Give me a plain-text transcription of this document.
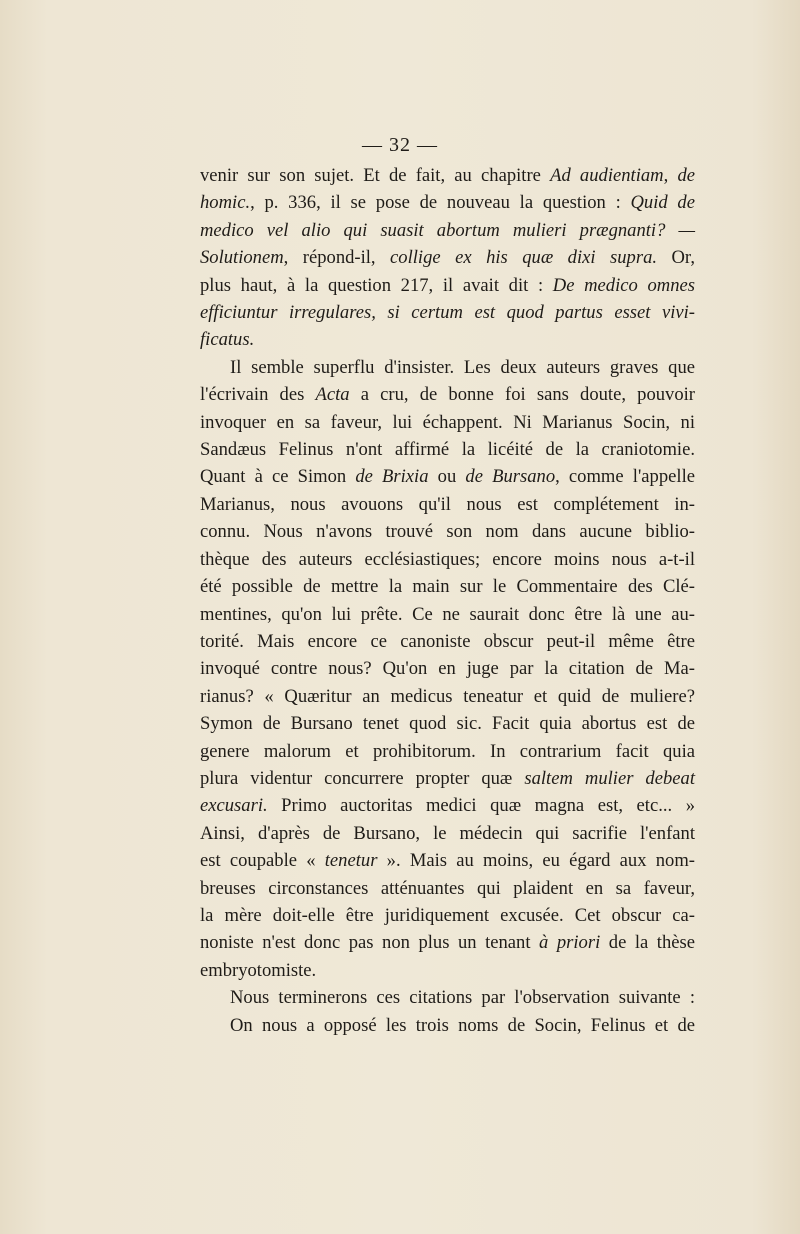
— 32 —
venir sur son sujet. Et de fait, au chapitre Ad audientiam, de
homic., p. 336, il se pose de nouveau la question : Quid de
medico vel alio qui suasit abortum mulieri prægnanti? —
Solutionem, répond-il, collige ex his quæ dixi supra. Or,
plus haut, à la question 217, il avait dit : De medico omnes
efficiuntur irregulares, si certum est quod partus esset vivi-
ficatus.
Il semble superflu d'insister. Les deux auteurs graves que
l'écrivain des Acta a cru, de bonne foi sans doute, pouvoir
invoquer en sa faveur, lui échappent. Ni Marianus Socin, ni
Sandæus Felinus n'ont affirmé la licéité de la craniotomie.
Quant à ce Simon de Brixia ou de Bursano, comme l'appelle
Marianus, nous avouons qu'il nous est complétement in-
connu. Nous n'avons trouvé son nom dans aucune biblio-
thèque des auteurs ecclésiastiques; encore moins nous a-t-il
été possible de mettre la main sur le Commentaire des Clé-
mentines, qu'on lui prête. Ce ne saurait donc être là une au-
torité. Mais encore ce canoniste obscur peut-il même être
invoqué contre nous? Qu'on en juge par la citation de Ma-
rianus? « Quæritur an medicus teneatur et quid de muliere?
Symon de Bursano tenet quod sic. Facit quia abortus est de
genere malorum et prohibitorum. In contrarium facit quia
plura videntur concurrere propter quæ saltem mulier debeat
excusari. Primo auctoritas medici quæ magna est, etc... »
Ainsi, d'après de Bursano, le médecin qui sacrifie l'enfant
est coupable « tenetur ». Mais au moins, eu égard aux nom-
breuses circonstances atténuantes qui plaident en sa faveur,
la mère doit-elle être juridiquement excusée. Cet obscur ca-
noniste n'est donc pas non plus un tenant à priori de la thèse
embryotomiste.
Nous terminerons ces citations par l'observation suivante :
On nous a opposé les trois noms de Socin, Felinus et de
